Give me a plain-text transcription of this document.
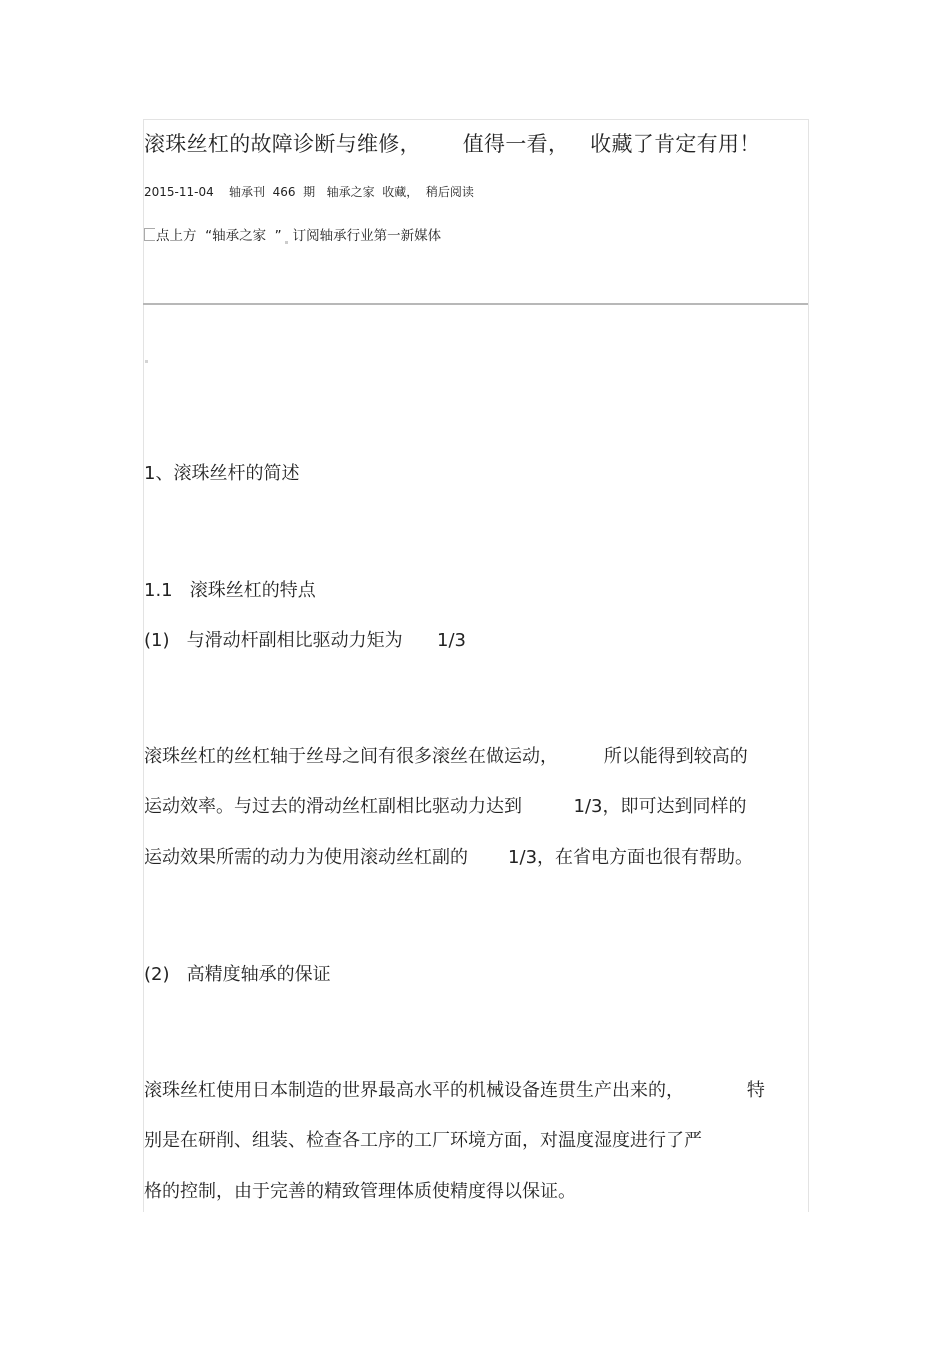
滚珠丝杠的故障诊断与维修，      值得一看，   收藏了肯定有用！
2015-11-04    轴承刊  466  期   轴承之家  收藏，  稍后阅读
点上方  “轴承之家  ” 订阅轴承行业第一新媒体
1、滚珠丝杆的简述
1.1   滚珠丝杠的特点
(1)   与滑动杆副相比驱动力矩为      1/3
滚珠丝杠的丝杠轴于丝母之间有很多滚丝在做运动，        所以能得到较高的
运动效率。与过去的滑动丝杠副相比驱动力达到         1/3，即可达到同样的
运动效果所需的动力为使用滚动丝杠副的       1/3，在省电方面也很有帮助。
(2)   高精度轴承的保证
滚珠丝杠使用日本制造的世界最高水平的机械设备连贯生产出来的，           特
别是在研削、组装、检查各工序的工厂环境方面，对温度湿度进行了严
格的控制，由于完善的精致管理体质使精度得以保证。
